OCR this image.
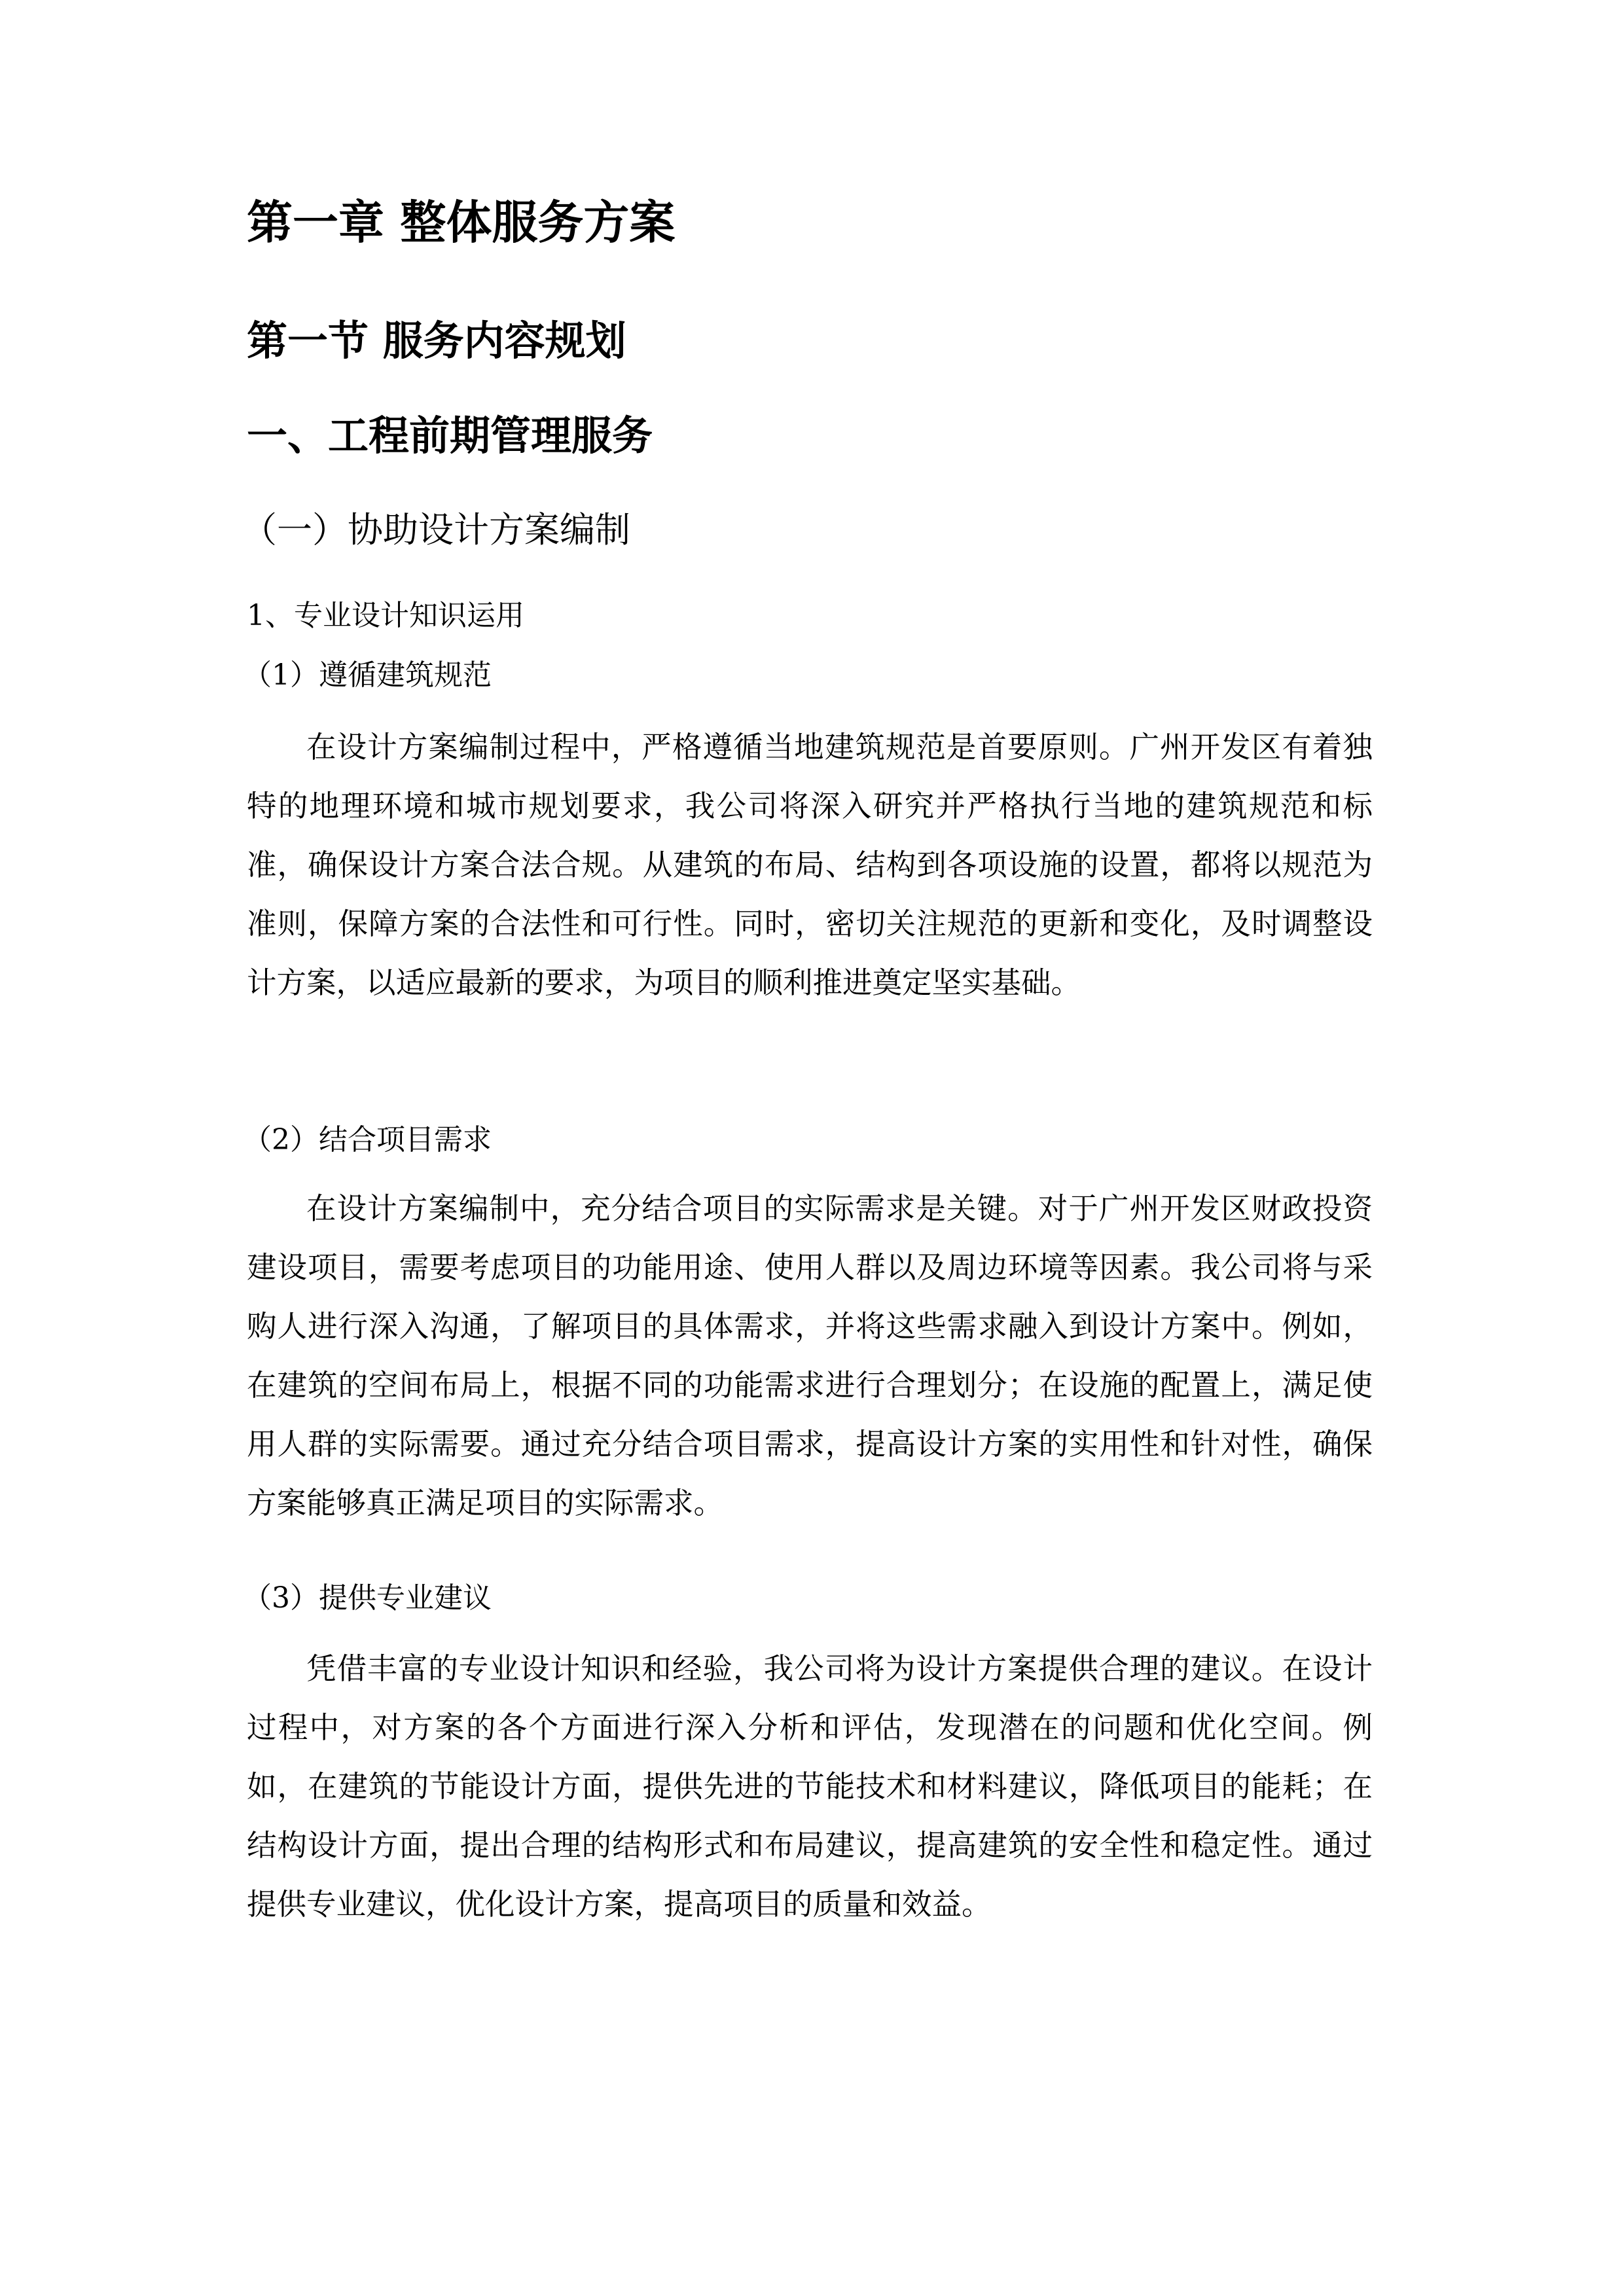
第一章 整体服务方案
第一节 服务内容规划
一、工程前期管理服务
（一）协助设计方案编制
1、专业设计知识运用
（1）遵循建筑规范

在设计方案编制过程中，严格遵循当地建筑规范是首要原则。广州开发区有着独特的地理环境和城市规划要求，我公司将深入研究并严格执行当地的建筑规范和标准，确保设计方案合法合规。从建筑的布局、结构到各项设施的设置，都将以规范为准则，保障方案的合法性和可行性。同时，密切关注规范的更新和变化，及时调整设计方案，以适应最新的要求，为项目的顺利推进奠定坚实基础。

（2）结合项目需求

在设计方案编制中，充分结合项目的实际需求是关键。对于广州开发区财政投资建设项目，需要考虑项目的功能用途、使用人群以及周边环境等因素。我公司将与采购人进行深入沟通，了解项目的具体需求，并将这些需求融入到设计方案中。例如，在建筑的空间布局上，根据不同的功能需求进行合理划分；在设施的配置上，满足使用人群的实际需要。通过充分结合项目需求，提高设计方案的实用性和针对性，确保方案能够真正满足项目的实际需求。

（3）提供专业建议

凭借丰富的专业设计知识和经验，我公司将为设计方案提供合理的建议。在设计过程中，对方案的各个方面进行深入分析和评估，发现潜在的问题和优化空间。例如，在建筑的节能设计方面，提供先进的节能技术和材料建议，降低项目的能耗；在结构设计方面，提出合理的结构形式和布局建议，提高建筑的安全性和稳定性。通过提供专业建议，优化设计方案，提高项目的质量和效益。
